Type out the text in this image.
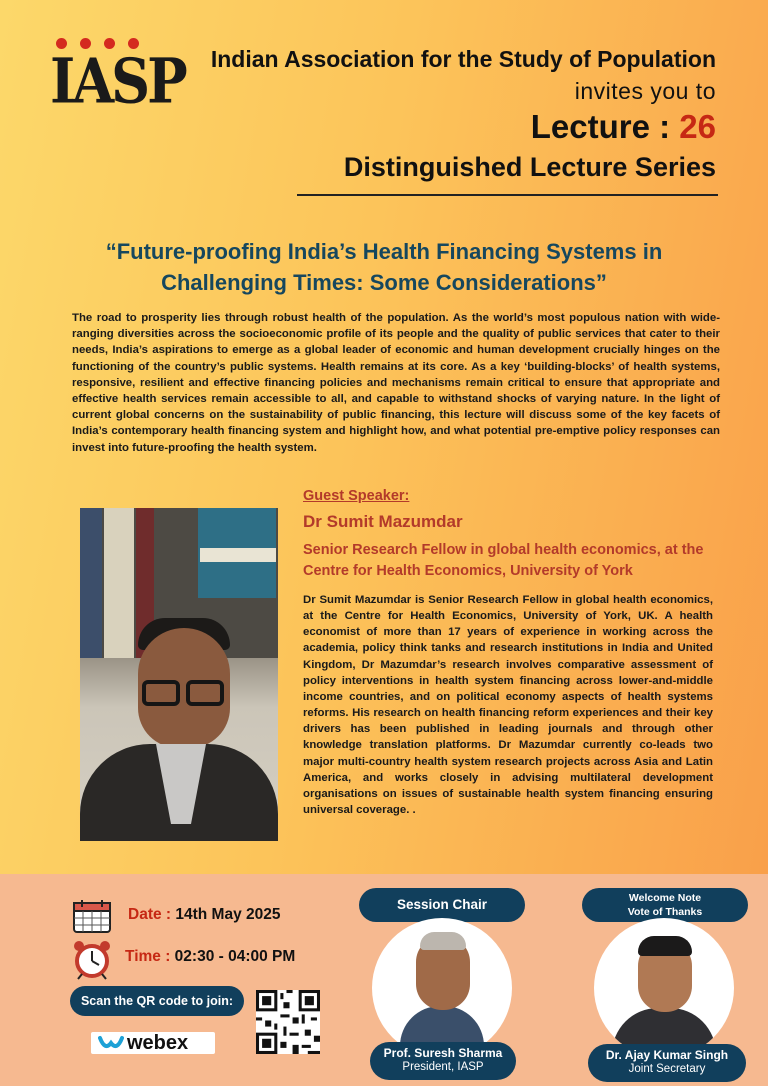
IASP Indian Association for the Study of Population
invites you to
Lecture : 26
Distinguished Lecture Series
“Future-proofing India’s Health Financing Systems in Challenging Times: Some Considerations”
The road to prosperity lies through robust health of the population. As the world’s most populous nation with wide-ranging diversities across the socioeconomic profile of its people and the quality of public services that cater to their needs, India’s aspirations to emerge as a global leader of economic and human development crucially hinges on the functioning of the country’s public systems. Health remains at its core. As a key ‘building-blocks’ of health systems, responsive, resilient and effective financing policies and mechanisms remain critical to ensure that appropriate and effective health services remain accessible to all, and capable to withstand shocks of varying nature. In the light of current global concerns on the sustainability of public financing, this lecture will discuss some of the key facets of India’s contemporary health financing system and highlight how, and what potential pre-emptive policy responses can invest into future-proofing the health system.
Guest Speaker:
Dr Sumit Mazumdar
Senior Research Fellow in global health economics, at the Centre for Health Economics, University of York
Dr Sumit Mazumdar is Senior Research Fellow in global health economics, at the Centre for Health Economics, University of York, UK. A health economist of more than 17 years of experience in working across the academia, policy think tanks and research institutions in India and United Kingdom, Dr Mazumdar’s research involves comparative assessment of policy interventions in health system financing across lower-and-middle income countries, and on political economy aspects of health systems reforms. His research on health financing reform experiences and their key drivers has been published in leading journals and through other knowledge translation platforms. Dr Mazumdar currently co-leads two major multi-country health system research projects across Asia and Latin America, and works closely in advising multilateral development organisations on issues of sustainable health system financing ensuring universal coverage. .
Date : 14th May 2025
Time : 02:30 - 04:00 PM
Scan the QR code to join:
webex
Session Chair	Welcome Note
Vote of Thanks
Prof. Suresh Sharma
President, IASP
Dr. Ajay Kumar Singh
Joint Secretary
